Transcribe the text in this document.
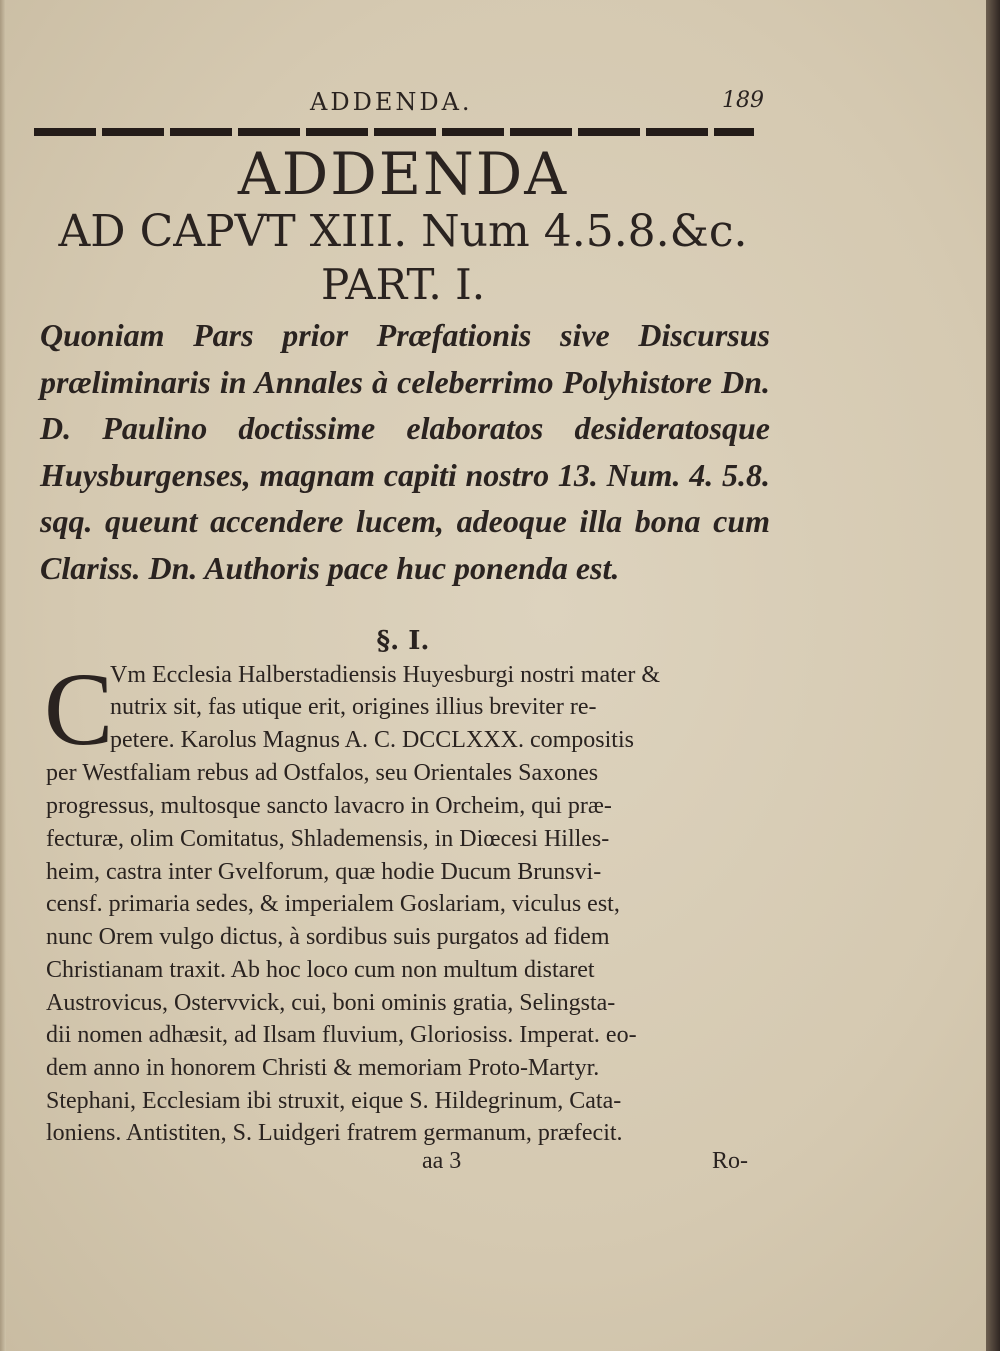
ADDENDA.	189
ADDENDA
AD CAPVT XIII. Num 4.5.8.&c.
PART. I.
Quoniam Pars prior Præfationis sive Discursus præliminaris in Annales à celeberrimo Polyhistore Dn. D. Paulino doctissime elaboratos desideratosque Huysburgenses, magnam capiti nostro 13. Num. 4. 5.8. sqq. queunt accendere lucem, adeoque illa bona cum Clariss. Dn. Authoris pace huc ponenda est.
§. I.
C
Vm Ecclesia Halberstadiensis Huyesburgi nostri mater &
nutrix sit, fas utique erit, origines illius breviter re-
petere. Karolus Magnus A. C. DCCLXXX. compositis
per Westfaliam rebus ad Ostfalos, seu Orientales Saxones
progressus, multosque sancto lavacro in Orcheim, qui præ-
fecturæ, olim Comitatus, Shlademensis, in Diœcesi Hilles-
heim, castra inter Gvelforum, quæ hodie Ducum Brunsvi-
censf. primaria sedes, & imperialem Goslariam, viculus est,
nunc Orem vulgo dictus, à sordibus suis purgatos ad fidem
Christianam traxit. Ab hoc loco cum non multum distaret
Austrovicus, Ostervvick, cui, boni ominis gratia, Selingsta-
dii nomen adhæsit, ad Ilsam fluvium, Gloriosiss. Imperat. eo-
dem anno in honorem Christi & memoriam Proto-Martyr.
Stephani, Ecclesiam ibi struxit, eique S. Hildegrinum, Cata-
loniens. Antistiten, S. Luidgeri fratrem germanum, præfecit.
aa 3	Ro-
